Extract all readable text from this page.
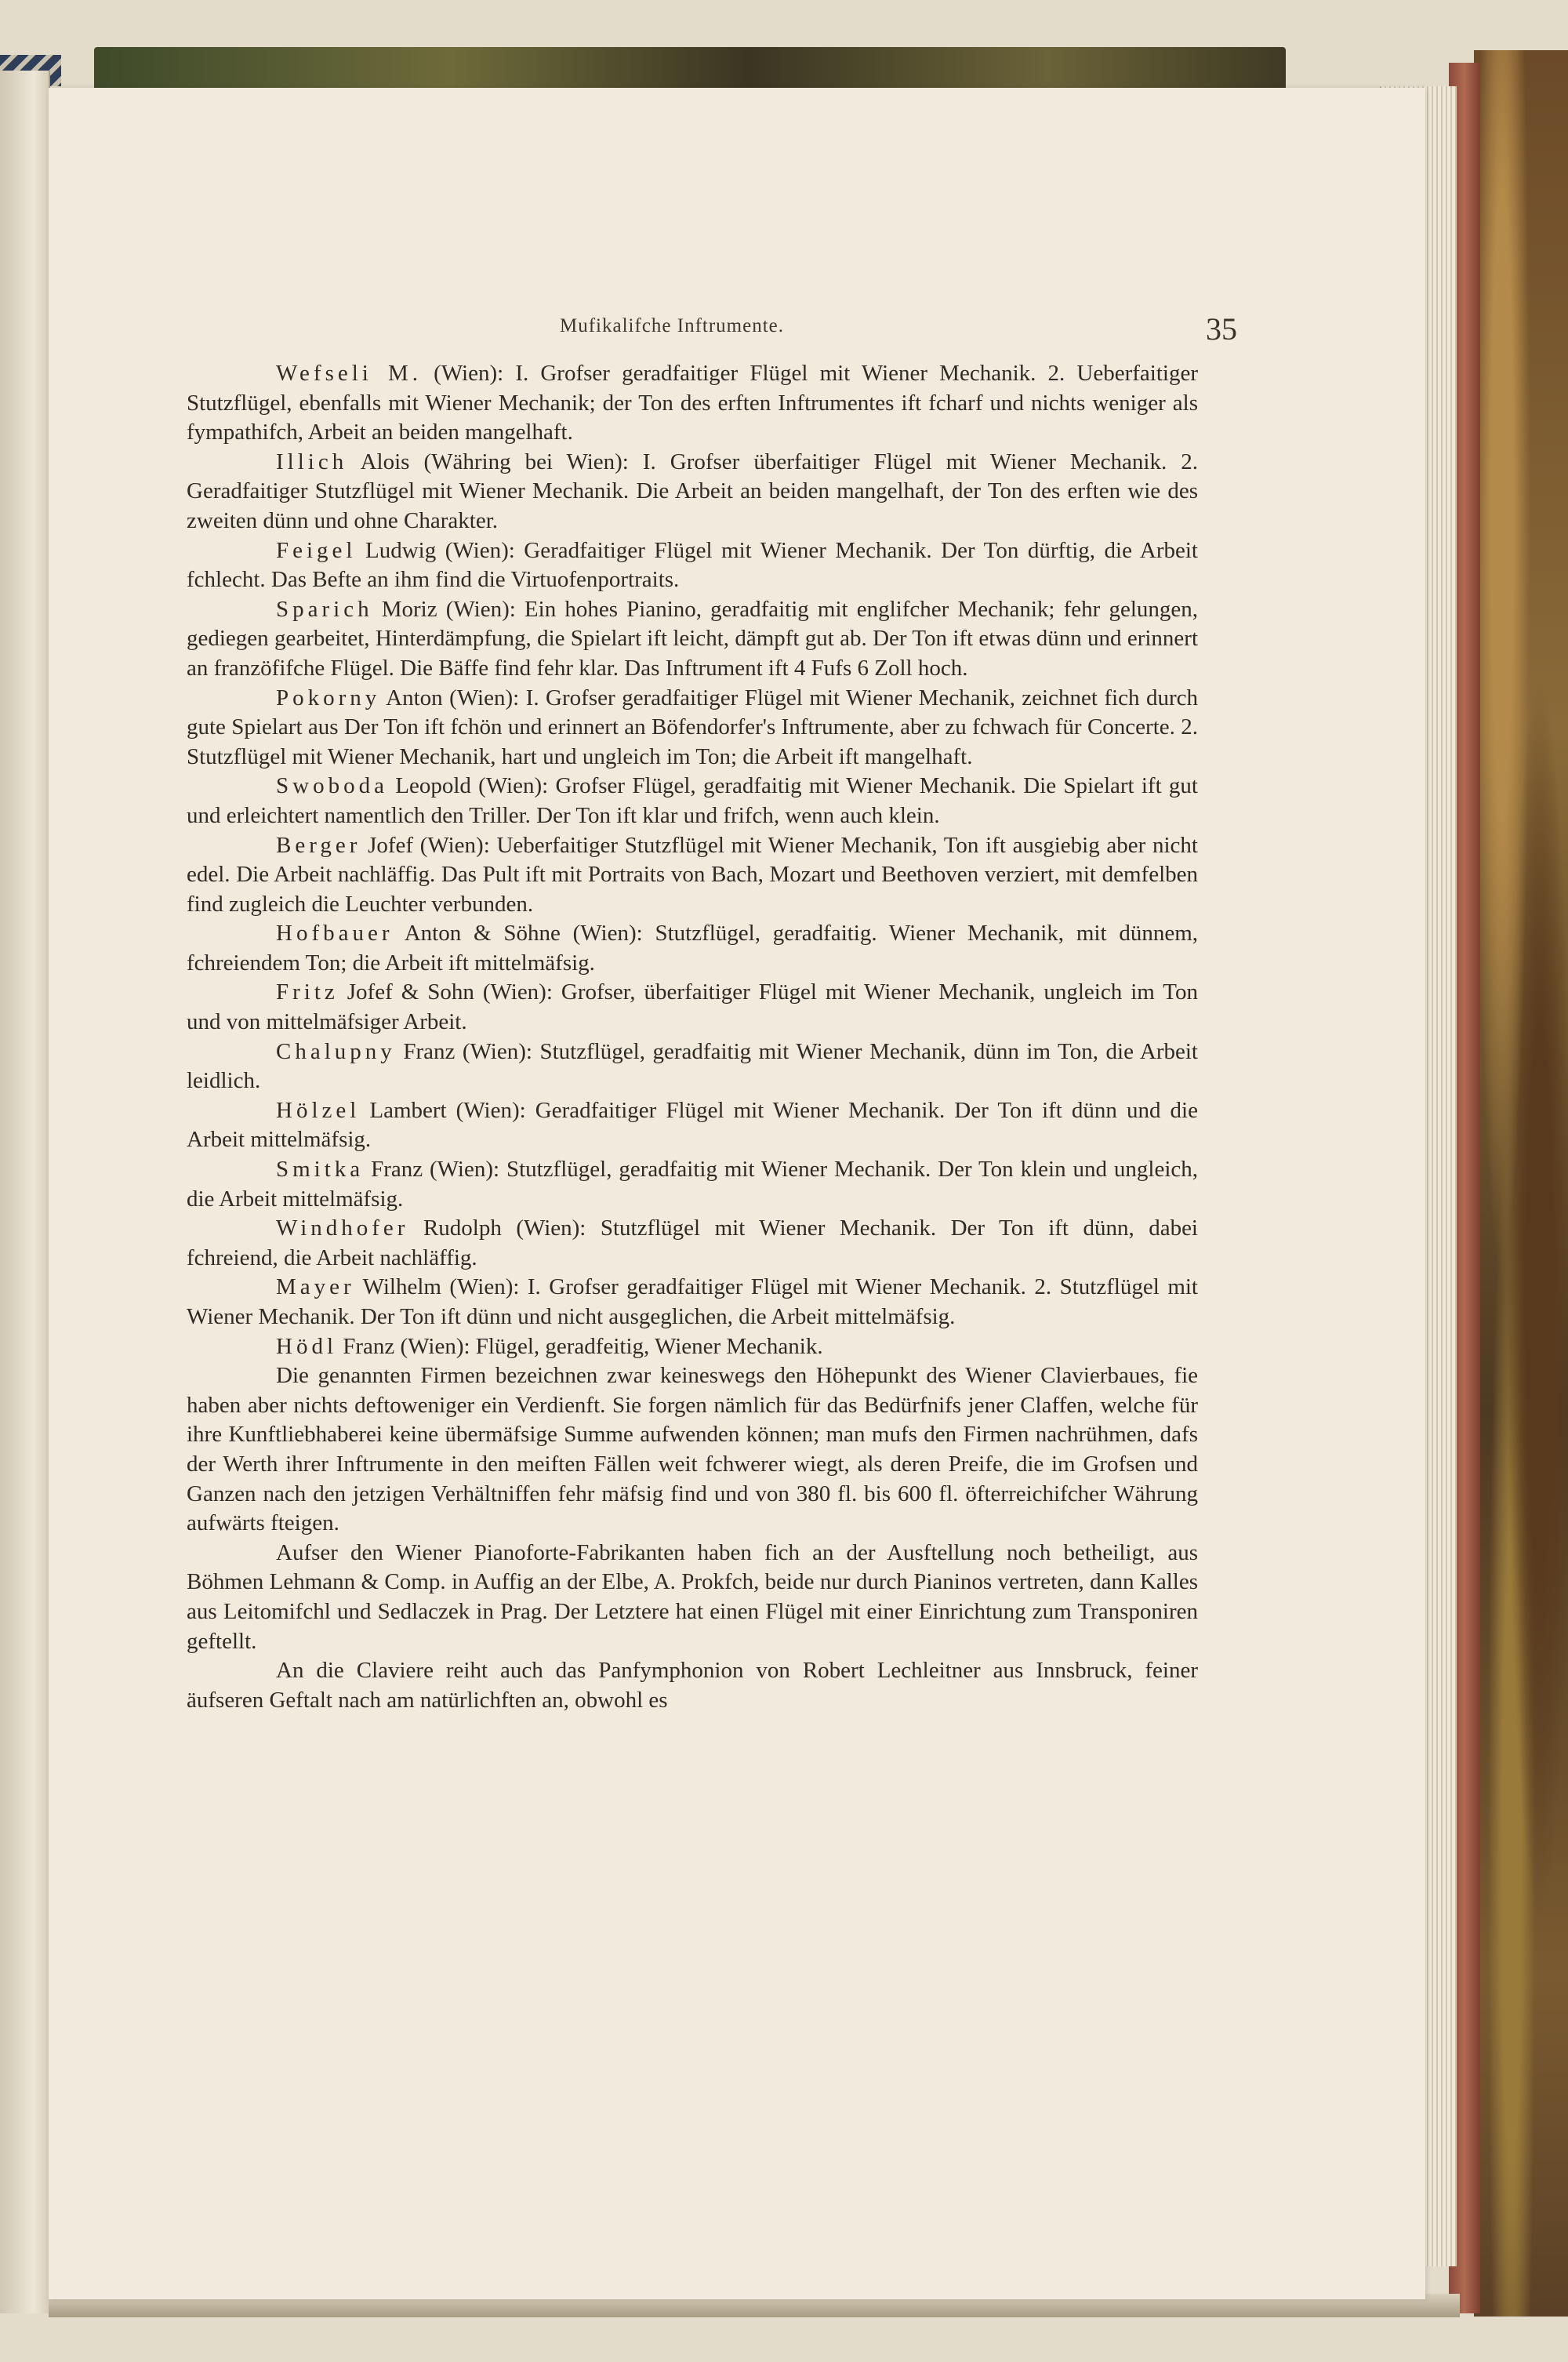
Mufikalifche Inftrumente.	35

Wefseli M. (Wien): I. Grofser geradfaitiger Flügel mit Wiener Mechanik. 2. Ueberfaitiger Stutzflügel, ebenfalls mit Wiener Mechanik; der Ton des erften Inftrumentes ift fcharf und nichts weniger als fympathifch, Arbeit an beiden mangelhaft.

Illich Alois (Währing bei Wien): I. Grofser überfaitiger Flügel mit Wiener Mechanik. 2. Geradfaitiger Stutzflügel mit Wiener Mechanik. Die Arbeit an beiden mangelhaft, der Ton des erften wie des zweiten dünn und ohne Charakter.

Feigel Ludwig (Wien): Geradfaitiger Flügel mit Wiener Mechanik. Der Ton dürftig, die Arbeit fchlecht. Das Befte an ihm find die Virtuofenportraits.

Sparich Moriz (Wien): Ein hohes Pianino, geradfaitig mit englifcher Mechanik; fehr gelungen, gediegen gearbeitet, Hinterdämpfung, die Spielart ift leicht, dämpft gut ab. Der Ton ift etwas dünn und erinnert an franzöfifche Flügel. Die Bäffe find fehr klar. Das Inftrument ift 4 Fufs 6 Zoll hoch.

Pokorny Anton (Wien): I. Grofser geradfaitiger Flügel mit Wiener Mechanik, zeichnet fich durch gute Spielart aus Der Ton ift fchön und erinnert an Böfendorfer's Inftrumente, aber zu fchwach für Concerte. 2. Stutzflügel mit Wiener Mechanik, hart und ungleich im Ton; die Arbeit ift mangelhaft.

Swoboda Leopold (Wien): Grofser Flügel, geradfaitig mit Wiener Mechanik. Die Spielart ift gut und erleichtert namentlich den Triller. Der Ton ift klar und frifch, wenn auch klein.

Berger Jofef (Wien): Ueberfaitiger Stutzflügel mit Wiener Mechanik, Ton ift ausgiebig aber nicht edel. Die Arbeit nachläffig. Das Pult ift mit Portraits von Bach, Mozart und Beethoven verziert, mit demfelben find zugleich die Leuchter verbunden.

Hofbauer Anton & Söhne (Wien): Stutzflügel, geradfaitig. Wiener Mechanik, mit dünnem, fchreiendem Ton; die Arbeit ift mittelmäfsig.

Fritz Jofef & Sohn (Wien): Grofser, überfaitiger Flügel mit Wiener Mechanik, ungleich im Ton und von mittelmäfsiger Arbeit.

Chalupny Franz (Wien): Stutzflügel, geradfaitig mit Wiener Mechanik, dünn im Ton, die Arbeit leidlich.

Hölzel Lambert (Wien): Geradfaitiger Flügel mit Wiener Mechanik. Der Ton ift dünn und die Arbeit mittelmäfsig.

Smitka Franz (Wien): Stutzflügel, geradfaitig mit Wiener Mechanik. Der Ton klein und ungleich, die Arbeit mittelmäfsig.

Windhofer Rudolph (Wien): Stutzflügel mit Wiener Mechanik. Der Ton ift dünn, dabei fchreiend, die Arbeit nachläffig.

Mayer Wilhelm (Wien): I. Grofser geradfaitiger Flügel mit Wiener Mechanik. 2. Stutzflügel mit Wiener Mechanik. Der Ton ift dünn und nicht ausgeglichen, die Arbeit mittelmäfsig.

Hödl Franz (Wien): Flügel, geradfeitig, Wiener Mechanik.

Die genannten Firmen bezeichnen zwar keineswegs den Höhepunkt des Wiener Clavierbaues, fie haben aber nichts deftoweniger ein Verdienft. Sie forgen nämlich für das Bedürfnifs jener Claffen, welche für ihre Kunftliebhaberei keine übermäfsige Summe aufwenden können; man mufs den Firmen nachrühmen, dafs der Werth ihrer Inftrumente in den meiften Fällen weit fchwerer wiegt, als deren Preife, die im Grofsen und Ganzen nach den jetzigen Verhältniffen fehr mäfsig find und von 380 fl. bis 600 fl. öfterreichifcher Währung aufwärts fteigen.

Aufser den Wiener Pianoforte-Fabrikanten haben fich an der Ausftellung noch betheiligt, aus Böhmen Lehmann & Comp. in Auffig an der Elbe, A. Prokfch, beide nur durch Pianinos vertreten, dann Kalles aus Leitomifchl und Sedlaczek in Prag. Der Letztere hat einen Flügel mit einer Einrichtung zum Transponiren geftellt.

An die Claviere reiht auch das Panfymphonion von Robert Lechleitner aus Innsbruck, feiner äufseren Geftalt nach am natürlichften an, obwohl es
